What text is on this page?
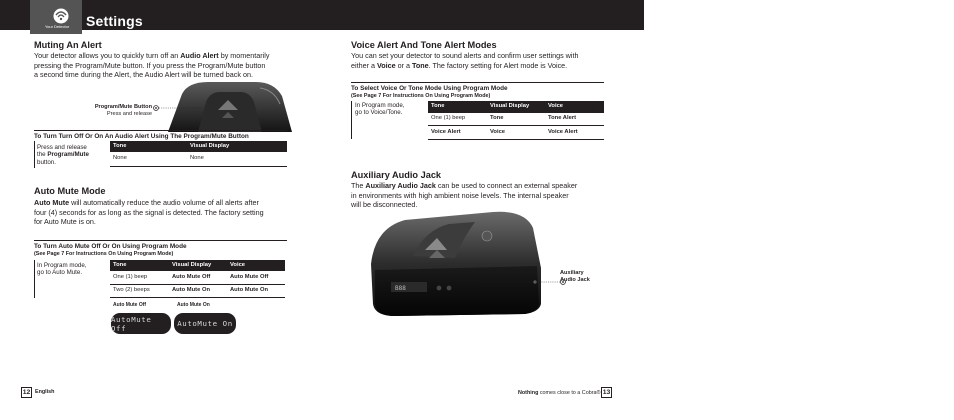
Your Detector	Settings
Muting An Alert
Your detector allows you to quickly turn off an Audio Alert by momentarily
pressing the Program/Mute button. If you press the Program/Mute button
a second time during the Alert, the Audio Alert will be turned back on.
Program/Mute Button
Press and release
To Turn Turn Off Or On An Audio Alert Using The Program/Mute Button
Press and release
the Program/Mute
button.
Tone	Visual Display
None	None
Auto Mute Mode
Auto Mute will automatically reduce the audio volume of all alerts after
four (4) seconds for as long as the signal is detected. The factory setting
for Auto Mute is on.
To Turn Auto Mute Off Or On Using Program Mode
(See Page 7 For Instructions On Using Program Mode)
In Program mode,
go to Auto Mute.
Tone	Visual Display	Voice
One (1) beep	Auto Mute Off	Auto Mute Off
Two (2) beeps	Auto Mute On	Auto Mute On
Auto Mute Off	Auto Mute On
AutoMute Off	AutoMute On
Voice Alert And Tone Alert Modes
You can set your detector to sound alerts and confirm user settings with
either a Voice or a Tone. The factory setting for Alert mode is Voice.
To Select Voice Or Tone Mode Using Program Mode
(See Page 7 For Instructions On Using Program Mode)
In Program mode,
go to Voice/Tone.
Tone	Visual Display	Voice
One (1) beep	Tone	Tone Alert
Voice Alert	Voice	Voice Alert
Auxiliary Audio Jack
The Auxiliary Audio Jack can be used to connect an external speaker
in environments with high ambient noise levels. The internal speaker
will be disconnected.
B88
Auxiliary
Audio Jack
12 English	Nothing comes close to a Cobra® 13
